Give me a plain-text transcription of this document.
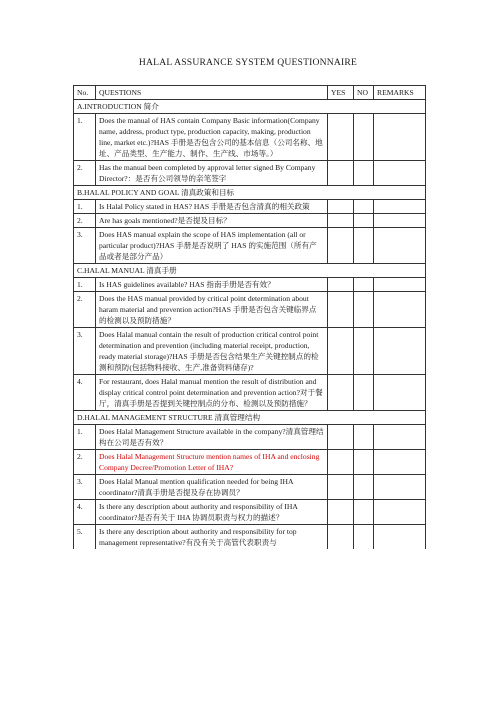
HALAL ASSURANCE SYSTEM QUESTIONNAIRE
No.	QUESTIONS	YES	NO	REMARKS
A.INTRODUCTION 简介				
1.	Does the manual of HAS contain Company Basic information(Company name, address, product type, production capacity, making, production line, market etc.)?HAS 手册是否包含公司的基本信息（公司名称、地址、产品类型、生产能力、制作、生产线、市场等。）			
2.	Has the manual been completed by approval letter signed By Company Director?：是否有公司领导的亲笔签字			
B.HALAL POLICY AND GOAL 清真政策和目标				
1.	Is Halal Policy stated in HAS? HAS 手册是否包含清真的相关政策			
2.	Are has goals mentioned?是否提及目标？			
3.	Does HAS manual explain the scope of HAS implementation (all or particular product)?HAS 手册是否说明了 HAS 的实施范围（所有产品或者是部分产品）			
C.HALAL MANUAL 清真手册				
1.	Is HAS guidelines available? HAS 指南手册是否有效？			
2.	Does the HAS manual provided by critical point determination about haram material and prevention action?HAS 手册是否包含关键临界点的检测以及预防措施？			
3.	Does Halal manual contain the result of production critical control point determination and prevention (including material receipt, production, ready material storage)?HAS 手册是否包含结果生产关键控制点的检测和预防(包括物料接收、生产,准备资料储存)?			
4.	For restaurant, does Halal manual mention the result of distribution and display critical control point determination and prevention action?对于餐厅，清真手册是否提到关键控制点的分布、检测以及预防措施？			
D.HALAL MANAGEMENT STRUCTURE 清真管理结构				
1.	Does Halal Management Structure available in the company?清真管理结构在公司是否有效？			
2.	Does Halal Management Structure mention names of IHA and enclosing Company Decree/Promotion Letter of IHA?			
3.	Does Halal Manual mention qualification needed for being IHA coordinator?清真手册是否提及存在协调员？			
4.	Is there any description about authority and responsibility of IHA coordinator?是否有关于 IHA 协调员职责与权力的描述？			
5.	Is there any description about authority and responsibility for top management representative?有没有关于高管代表职责与			
